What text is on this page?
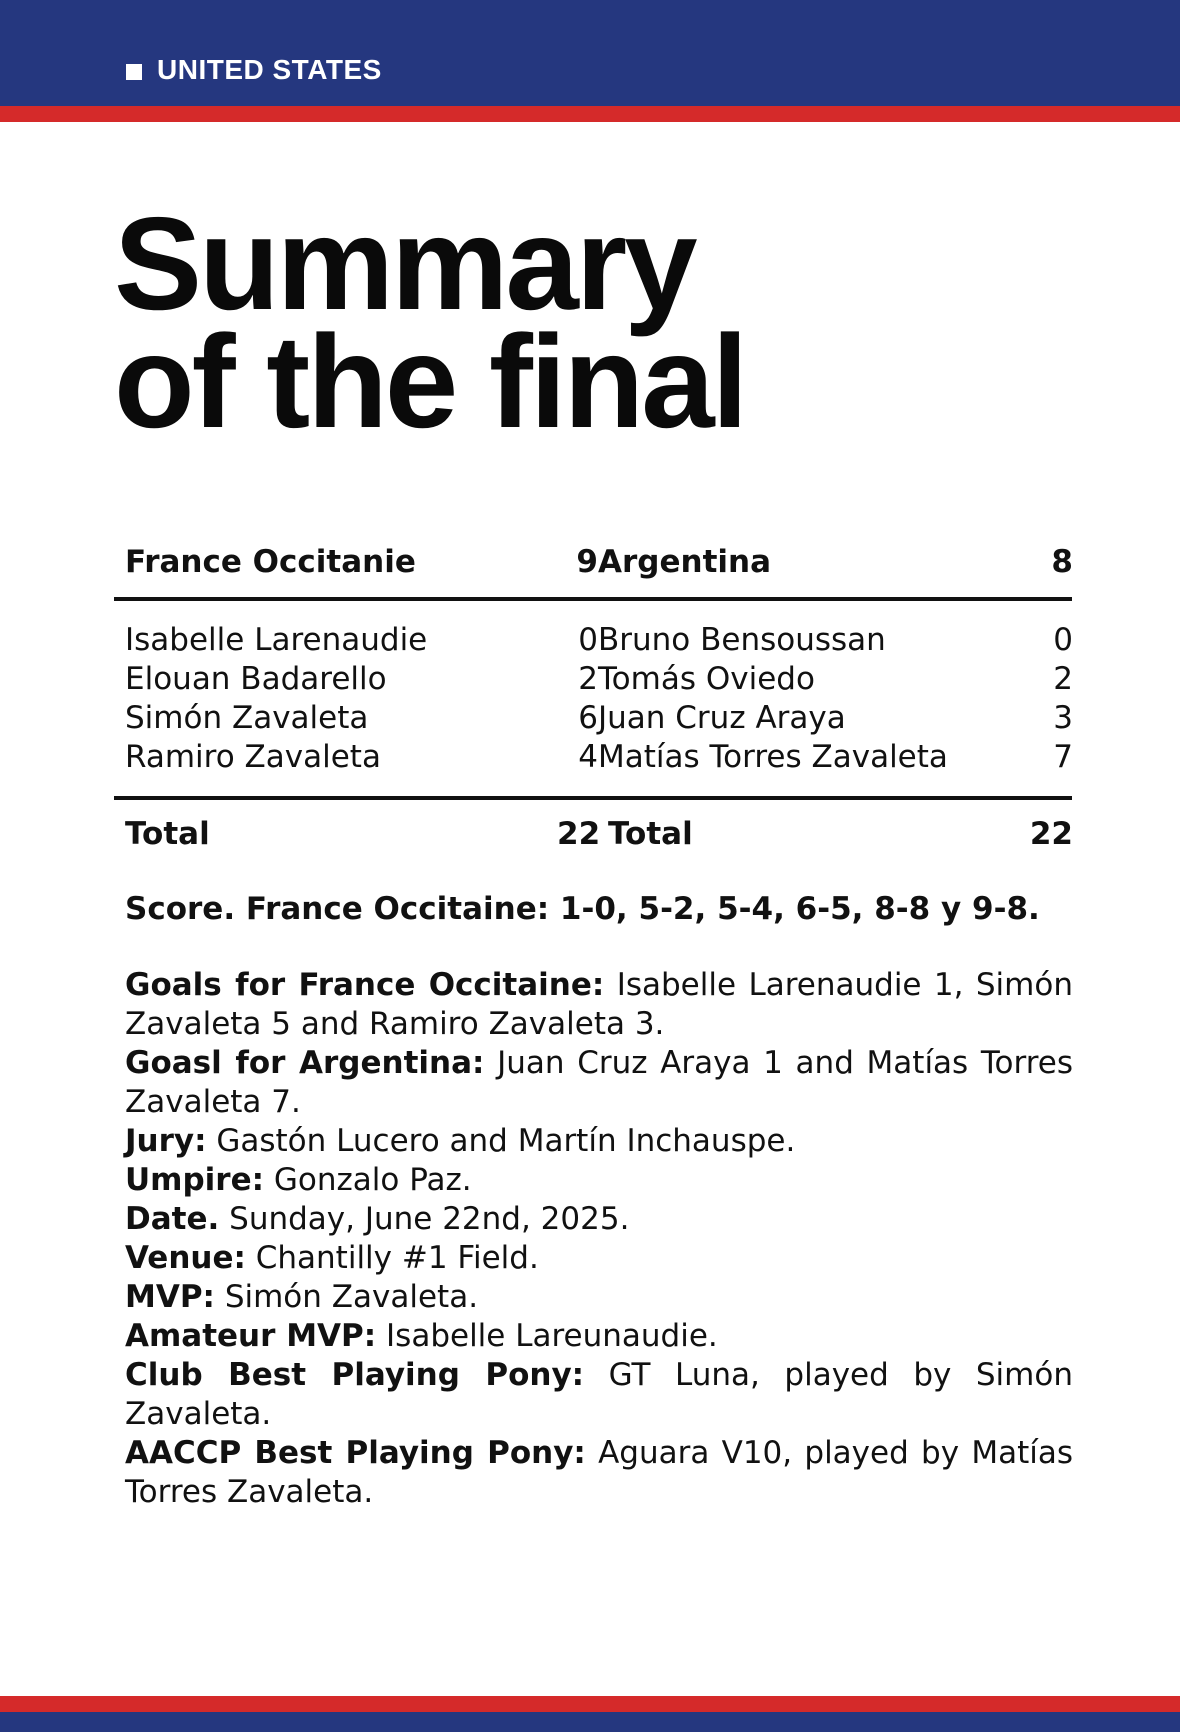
UNITED STATES
Summary
of the final
France Occitanie	9 Argentina	8
Isabelle Larenaudie	0 Bruno Bensoussan	0
Elouan Badarello	2 Tomás Oviedo	2
Simón Zavaleta	6 Juan Cruz Araya	3
Ramiro Zavaleta	4 Matías Torres Zavaleta	7
Total	22 Total	22

Score. France Occitaine: 1-0, 5-2, 5-4, 6-5, 8-8 y 9-8.

Goals for France Occitaine: Isabelle Larenaudie 1, Simón Zavaleta 5 and Ramiro Zavaleta 3.

Goasl for Argentina: Juan Cruz Araya 1 and Matías Torres Zavaleta 7.

Jury: Gastón Lucero and Martín Inchauspe.

Umpire: Gonzalo Paz.

Date. Sunday, June 22nd, 2025.

Venue: Chantilly #1 Field.

MVP: Simón Zavaleta.

Amateur MVP: Isabelle Lareunaudie.

Club Best Playing Pony: GT Luna, played by Simón Zavaleta.

AACCP Best Playing Pony: Aguara V10, played by Matías Torres Zavaleta.
